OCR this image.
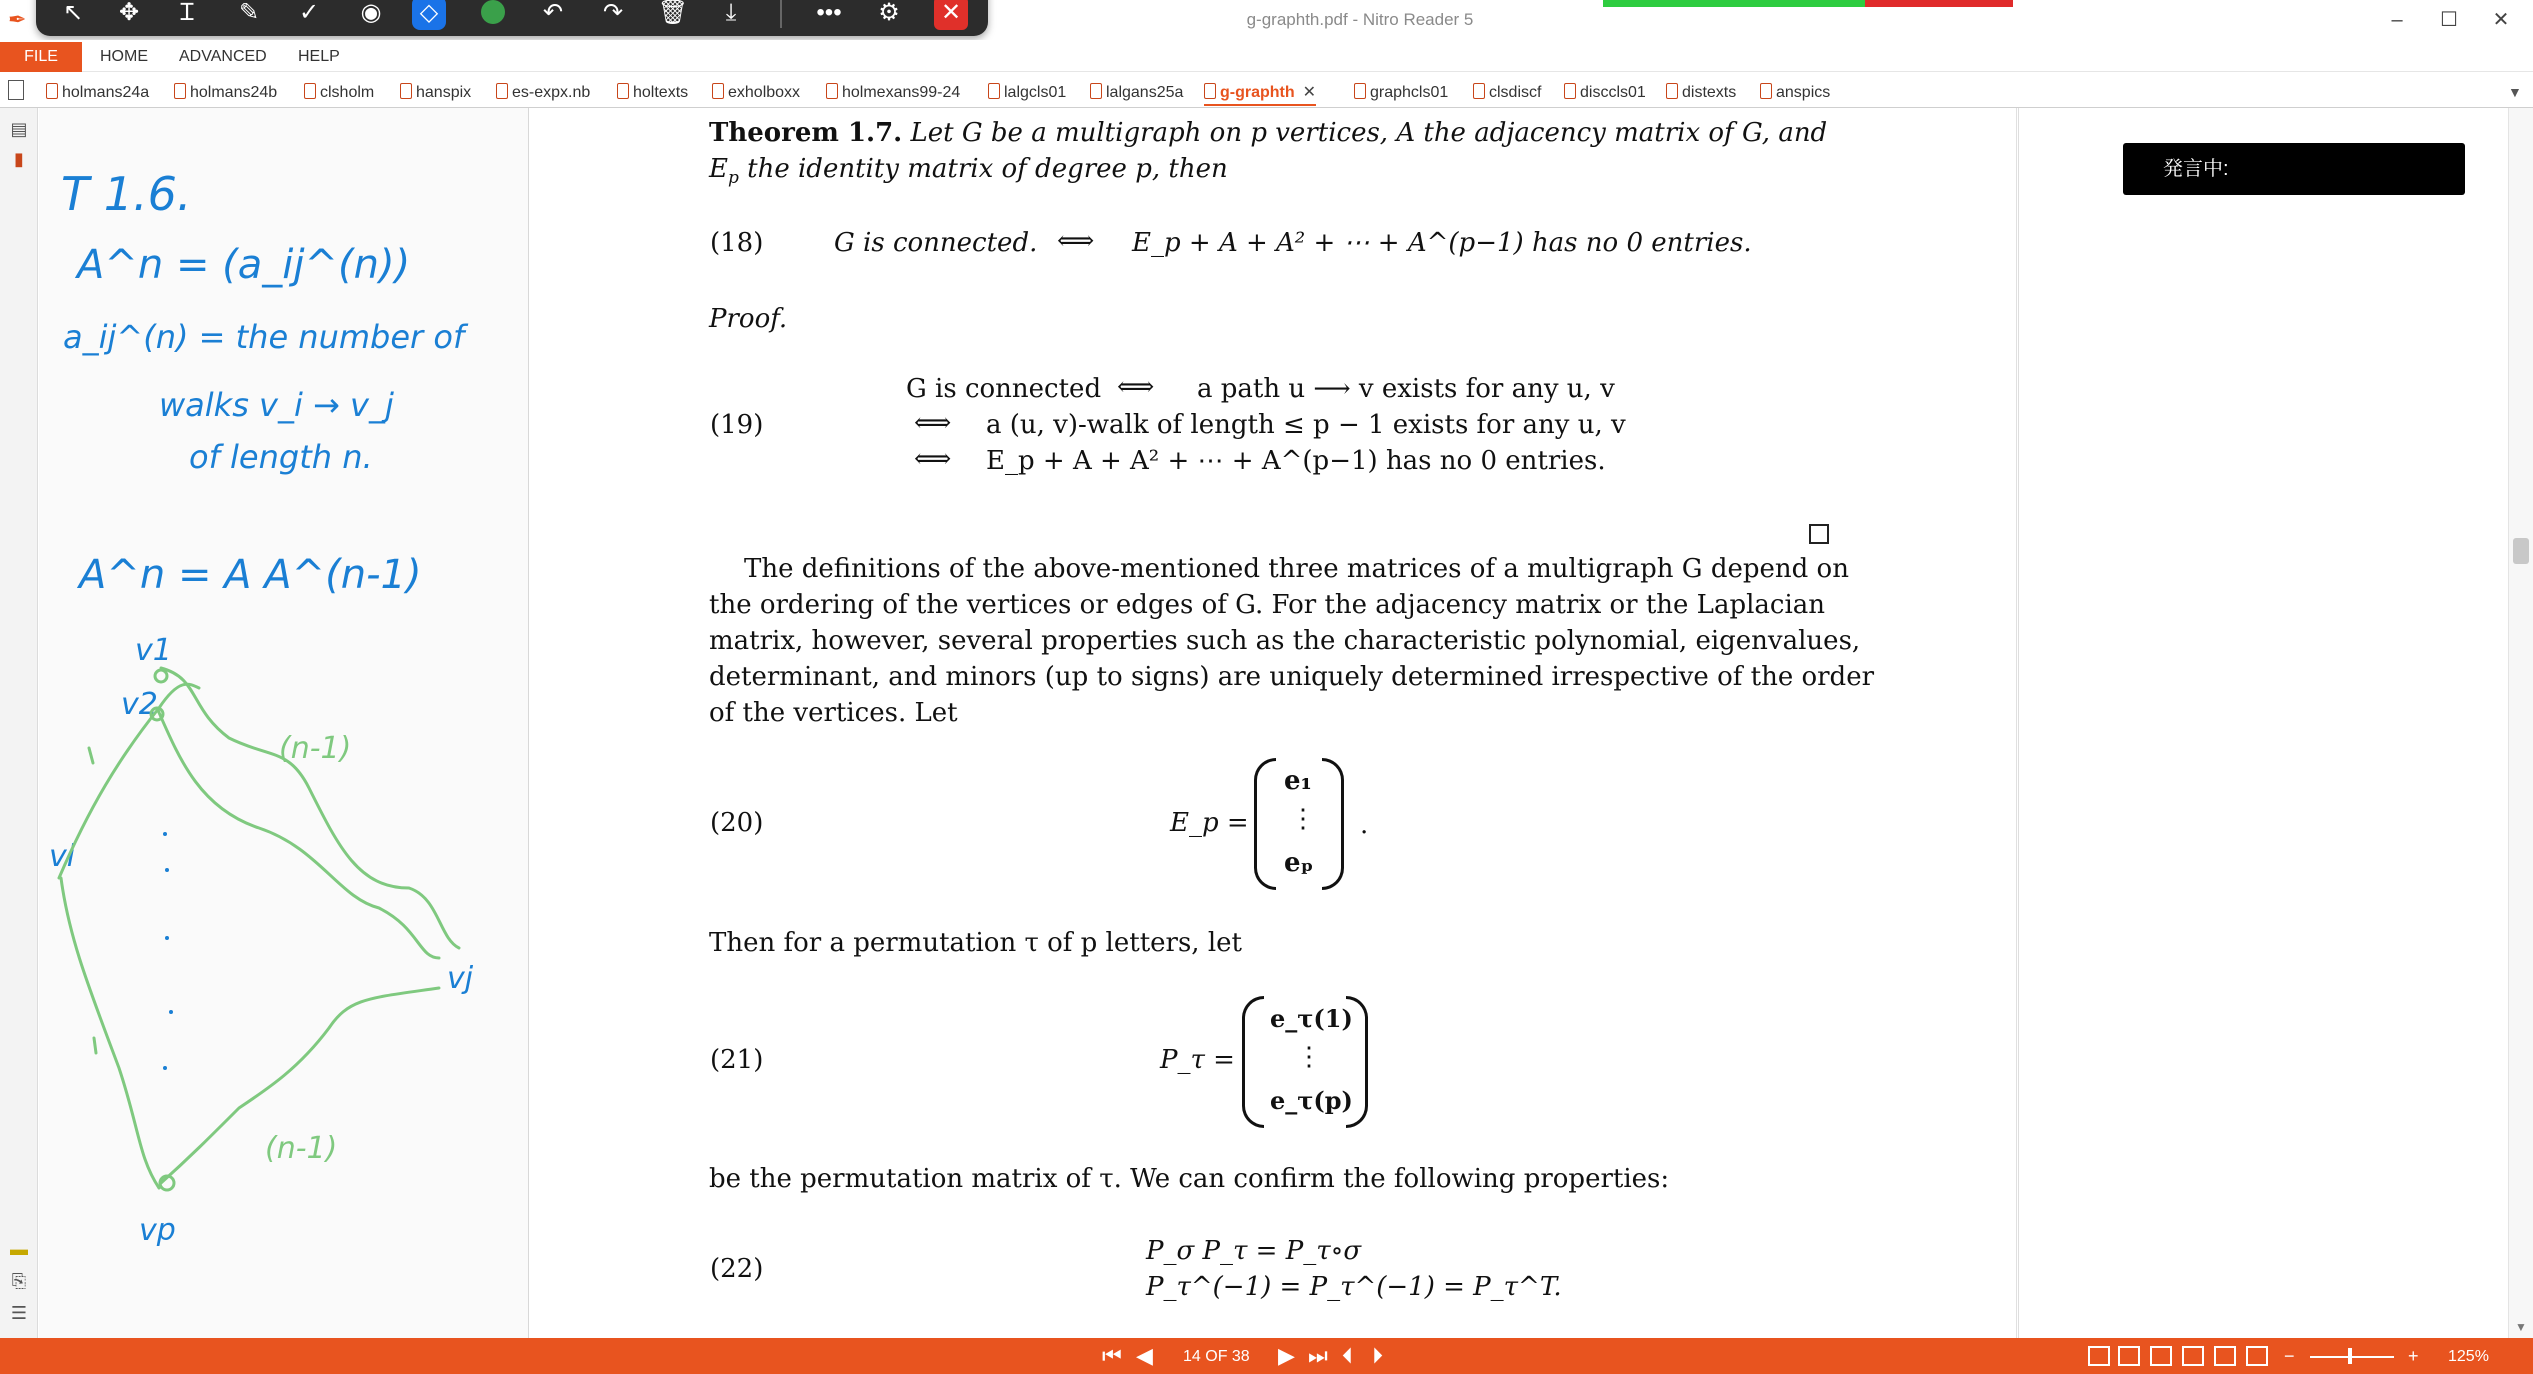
✒	g-graphth.pdf - Nitro Reader 5	–	☐	✕
↖ ✥	Ɪ	✎ ✓ ◉	◇	↶ ↷ 🗑	⤓	••• ⚙ ✕
FILE	HOME ADVANCED HELP
holmans24a	holmans24b	clsholm	hanspix	es-expx.nb	holtexts	exholboxx	holmexans99-24	lalgcls01	lalgans25a	g-graphth ✕	graphcls01	clsdiscf	disccls01	distexts	anspics	▼
▤
▮
▬
⎘
☰
T 1.6.
A^n = (a_ij^(n))
a_ij^(n) = the number of
walks v_i → v_j
of length n.
A^n = A A^(n-1)
v1
v2
vi
vj
vp
(n-1)
(n-1)
Theorem 1.7. Let G be a multigraph on p vertices, A the adjacency matrix of G, and
$E_p$ the identity matrix of degree p, then
(18)	G is connected. ⟺ E_p + A + A² + ⋯ + A^(p−1) has no 0 entries.
Proof.
(19)
G is connected ⟺ a path u ⟶ v exists for any u, v
⟺ a (u, v)-walk of length ≤ p − 1 exists for any u, v
⟺ E_p + A + A² + ⋯ + A^(p−1) has no 0 entries.
The definitions of the above-mentioned three matrices of a multigraph G depend on
the ordering of the vertices or edges of G. For the adjacency matrix or the Laplacian
matrix, however, several properties such as the characteristic polynomial, eigenvalues,
determinant, and minors (up to signs) are uniquely determined irrespective of the order
of the vertices. Let
(20)	E_p =
e₁
⋮
eₚ
.
Then for a permutation τ of p letters, let
(21)	P_τ =
e_τ(1)
⋮
e_τ(p)
be the permutation matrix of τ. We can confirm the following properties:
(22)
P_σ P_τ = P_τ∘σ
P_τ^(−1) = P_τ^(−1) = P_τ^T.
発言中:
▼
⏮ ◀ 14 OF 38 ▶ ⏭ ⏴ ⏵	−	+ 125%
